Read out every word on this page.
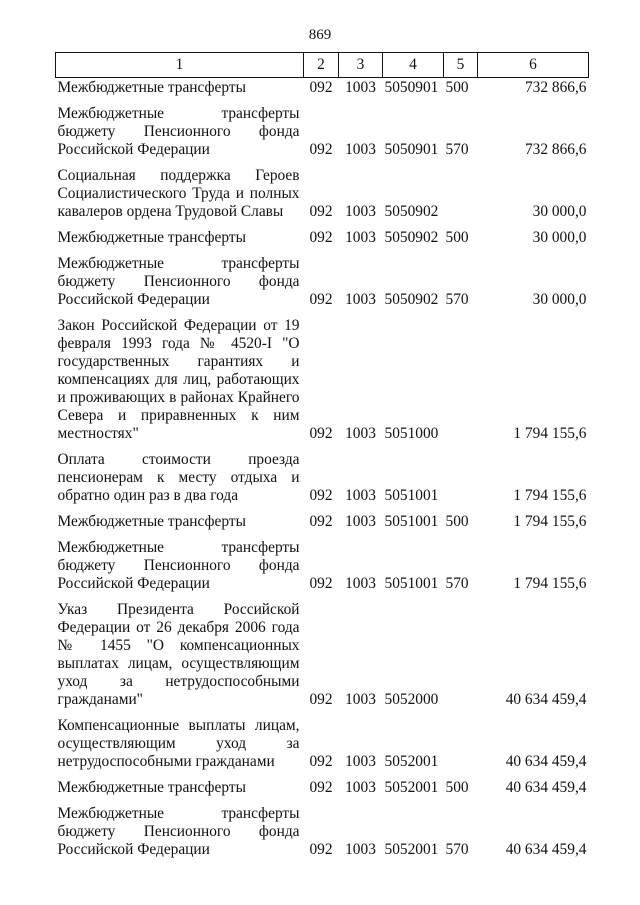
869
1	2	3	4	5	6
Межбюджетные трансферты	092	1003	5050901	500	732 866,6
Межбюджетные трансферты бюджету Пенсионного фонда Российской Федерации	092	1003	5050901	570	732 866,6
Социальная поддержка Героев Социалистического Труда и полных кавалеров ордена Трудовой Славы	092	1003	5050902		30 000,0
Межбюджетные трансферты	092	1003	5050902	500	30 000,0
Межбюджетные трансферты бюджету Пенсионного фонда Российской Федерации	092	1003	5050902	570	30 000,0
Закон Российской Федерации от 19 февраля 1993 года № 4520-I "О государственных гарантиях и компенсациях для лиц, работающих и проживающих в районах Крайнего Севера и приравненных к ним местностях"	092	1003	5051000		1 794 155,6
Оплата стоимости проезда пенсионерам к месту отдыха и обратно один раз в два года	092	1003	5051001		1 794 155,6
Межбюджетные трансферты	092	1003	5051001	500	1 794 155,6
Межбюджетные трансферты бюджету Пенсионного фонда Российской Федерации	092	1003	5051001	570	1 794 155,6
Указ Президента Российской Федерации от 26 декабря 2006 года № 1455 "О компенсационных выплатах лицам, осуществляющим уход за нетрудоспособными гражданами"	092	1003	5052000		40 634 459,4
Компенсационные выплаты лицам, осуществляющим уход за нетрудоспособными гражданами	092	1003	5052001		40 634 459,4
Межбюджетные трансферты	092	1003	5052001	500	40 634 459,4
Межбюджетные трансферты бюджету Пенсионного фонда Российской Федерации	092	1003	5052001	570	40 634 459,4
